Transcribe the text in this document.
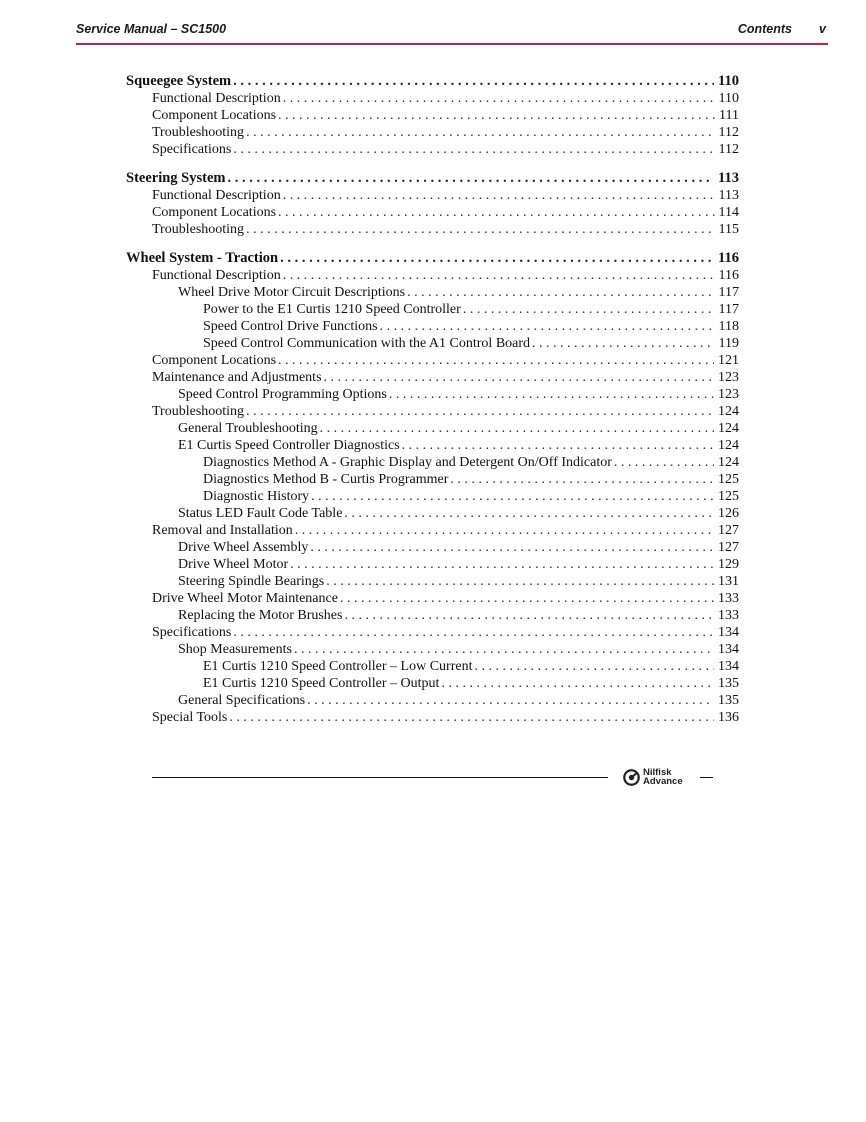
Service Manual – SC1500	Contents v
Squeegee System . . .	110
Functional Description . . .	110
Component Locations . . .	111
Troubleshooting . . .	112
Specifications . . .	112
Steering System . . .	113
Functional Description . . .	113
Component Locations . . .	114
Troubleshooting . . .	115
Wheel System - Traction . . .	116
Functional Description . . .	116
Wheel Drive Motor Circuit Descriptions . . .	117
Power to the E1 Curtis 1210 Speed Controller . . .	117
Speed Control Drive Functions . . .	118
Speed Control Communication with the A1 Control Board . . .	119
Component Locations . . .	121
Maintenance and Adjustments . . .	123
Speed Control Programming Options . . .	123
Troubleshooting . . .	124
General Troubleshooting . . .	124
E1 Curtis Speed Controller Diagnostics . . .	124
Diagnostics Method A - Graphic Display and Detergent On/Off Indicator . . .	124
Diagnostics Method B - Curtis Programmer . . .	125
Diagnostic History . . .	125
Status LED Fault Code Table . . .	126
Removal and Installation . . .	127
Drive Wheel Assembly . . .	127
Drive Wheel Motor . . .	129
Steering Spindle Bearings . . .	131
Drive Wheel Motor Maintenance . . .	133
Replacing the Motor Brushes . . .	133
Specifications . . .	134
Shop Measurements . . .	134
E1 Curtis 1210 Speed Controller – Low Current . . .	134
E1 Curtis 1210 Speed Controller – Output . . .	135
General Specifications . . .	135
Special Tools . . .	136
Nilfisk
Advance
